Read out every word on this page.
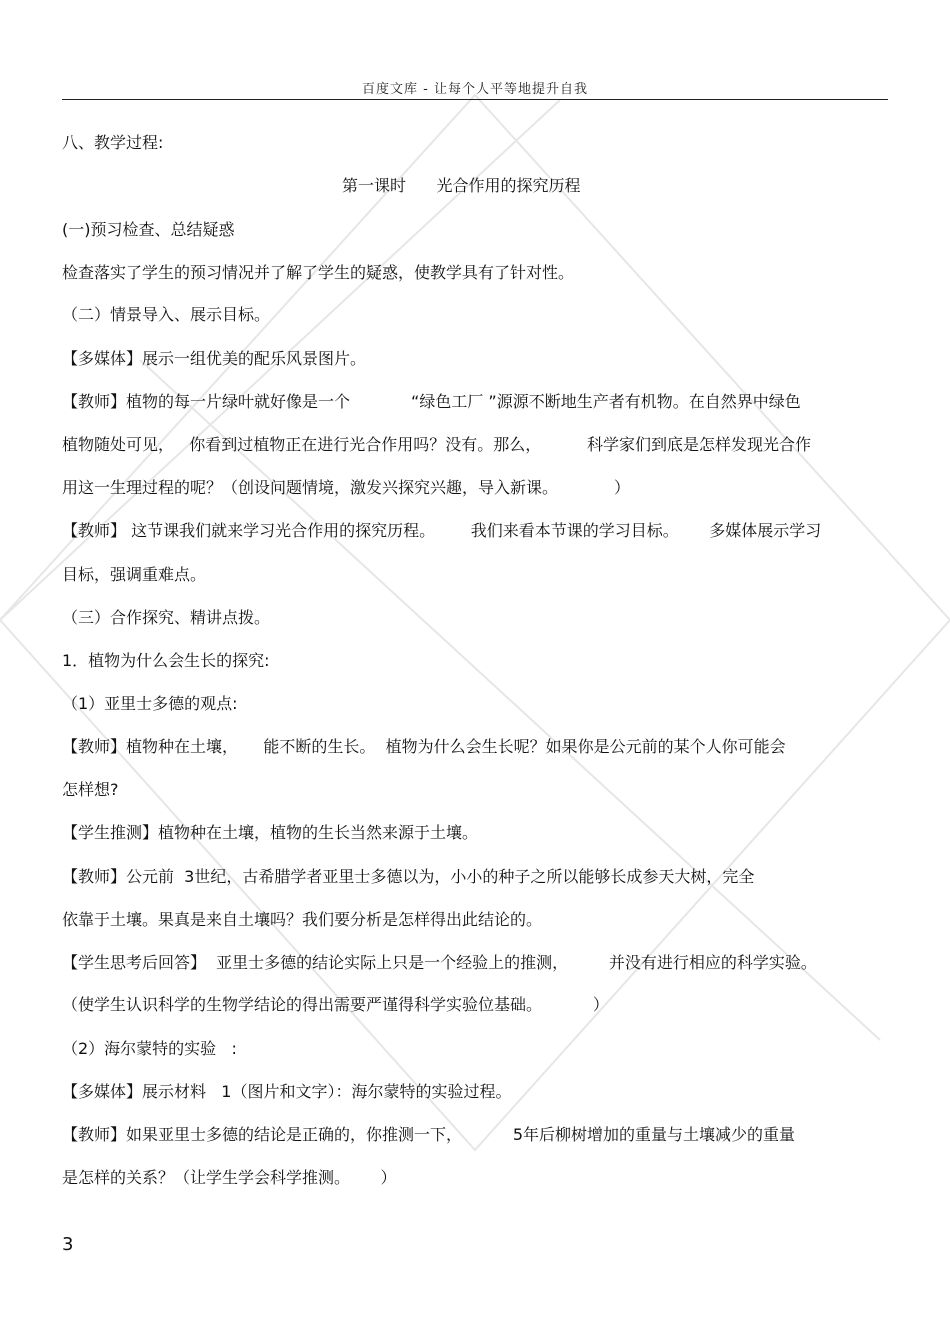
百度文库 - 让每个人平等地提升自我
八、教学过程:
第一课时      光合作用的探究历程
(一)预习检查、总结疑惑
检查落实了学生的预习情况并了解了学生的疑惑，使教学具有了针对性。
（二）情景导入、展示目标。
【多媒体】展示一组优美的配乐风景图片。
【教师】植物的每一片绿叶就好像是一个            “绿色工厂 ”源源不断地生产者有机物。在自然界中绿色
植物随处可见，   你看到过植物正在进行光合作用吗？没有。那么，         科学家们到底是怎样发现光合作
用这一生理过程的呢？（创设问题情境，激发兴探究兴趣，导入新课。           ）
【教师】 这节课我们就来学习光合作用的探究历程。       我们来看本节课的学习目标。      多媒体展示学习
目标，强调重难点。
（三）合作探究、精讲点拨。
1．植物为什么会生长的探究:
（1）亚里士多德的观点:
【教师】植物种在土壤，     能不断的生长。  植物为什么会生长呢？如果你是公元前的某个人你可能会
怎样想?
【学生推测】植物种在土壤，植物的生长当然来源于土壤。
【教师】公元前  3世纪，古希腊学者亚里士多德以为，小小的种子之所以能够长成参天大树，完全
依靠于土壤。果真是来自土壤吗？我们要分析是怎样得出此结论的。
【学生思考后回答】  亚里士多德的结论实际上只是一个经验上的推测，        并没有进行相应的科学实验。
（使学生认识科学的生物学结论的得出需要严谨得科学实验位基础。          ）
（2）海尔蒙特的实验   :
【多媒体】展示材料   1（图片和文字）：海尔蒙特的实验过程。
【教师】如果亚里士多德的结论是正确的，你推测一下，          5年后柳树增加的重量与土壤减少的重量
是怎样的关系？（让学生学会科学推测。      ）
3
